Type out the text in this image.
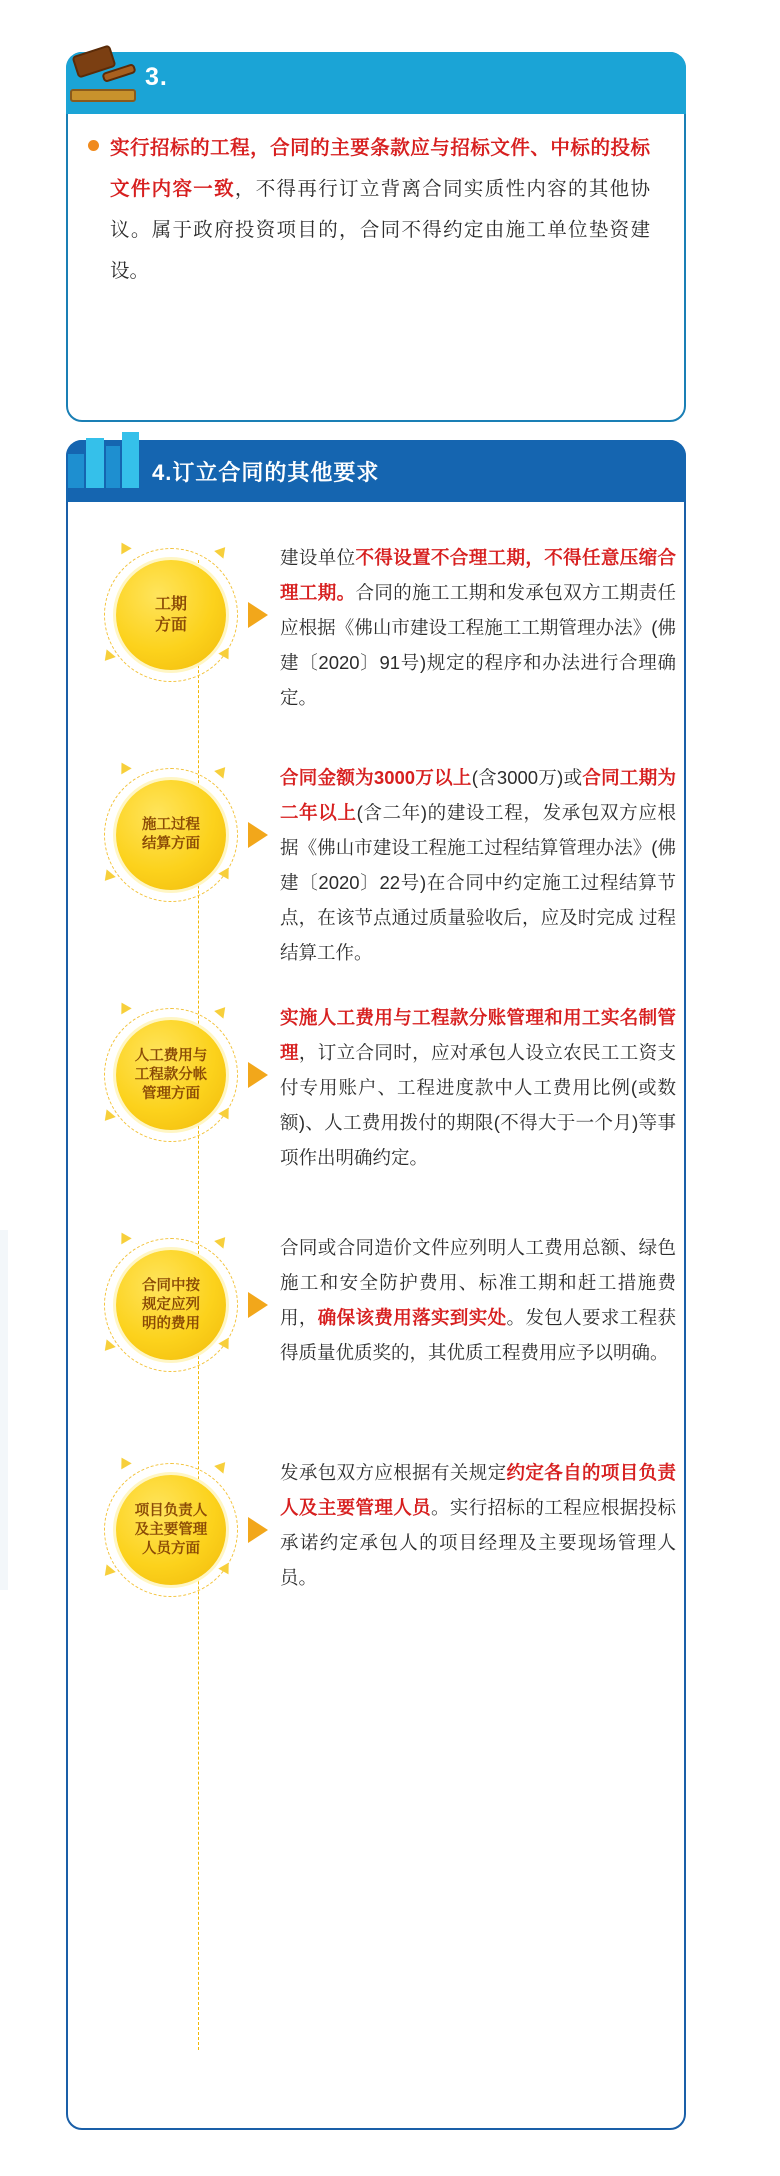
3.
实行招标的工程，合同的主要条款应与招标文件、中标的投标文件内容一致，不得再行订立背离合同实质性内容的其他协议。属于政府投资项目的，合同不得约定由施工单位垫资建设。
4.订立合同的其他要求
工期
方面
建设单位不得设置不合理工期，不得任意压缩合理工期。合同的施工工期和发承包双方工期责任应根据《佛山市建设工程施工工期管理办法》(佛建〔2020〕91号)规定的程序和办法进行合理确定。
施工过程
结算方面
合同金额为3000万以上(含3000万)或合同工期为二年以上(含二年)的建设工程，发承包双方应根据《佛山市建设工程施工过程结算管理办法》(佛建〔2020〕22号)在合同中约定施工过程结算节点，在该节点通过质量验收后，应及时完成 过程结算工作。
人工费用与
工程款分帐
管理方面
实施人工费用与工程款分账管理和用工实名制管理，订立合同时，应对承包人设立农民工工资支付专用账户、工程进度款中人工费用比例(或数额)、人工费用拨付的期限(不得大于一个月)等事项作出明确约定。
合同中按
规定应列
明的费用
合同或合同造价文件应列明人工费用总额、绿色施工和安全防护费用、标准工期和赶工措施费用，确保该费用落实到实处。发包人要求工程获得质量优质奖的，其优质工程费用应予以明确。
项目负责人
及主要管理
人员方面
发承包双方应根据有关规定约定各自的项目负责人及主要管理人员。实行招标的工程应根据投标承诺约定承包人的项目经理及主要现场管理人员。
